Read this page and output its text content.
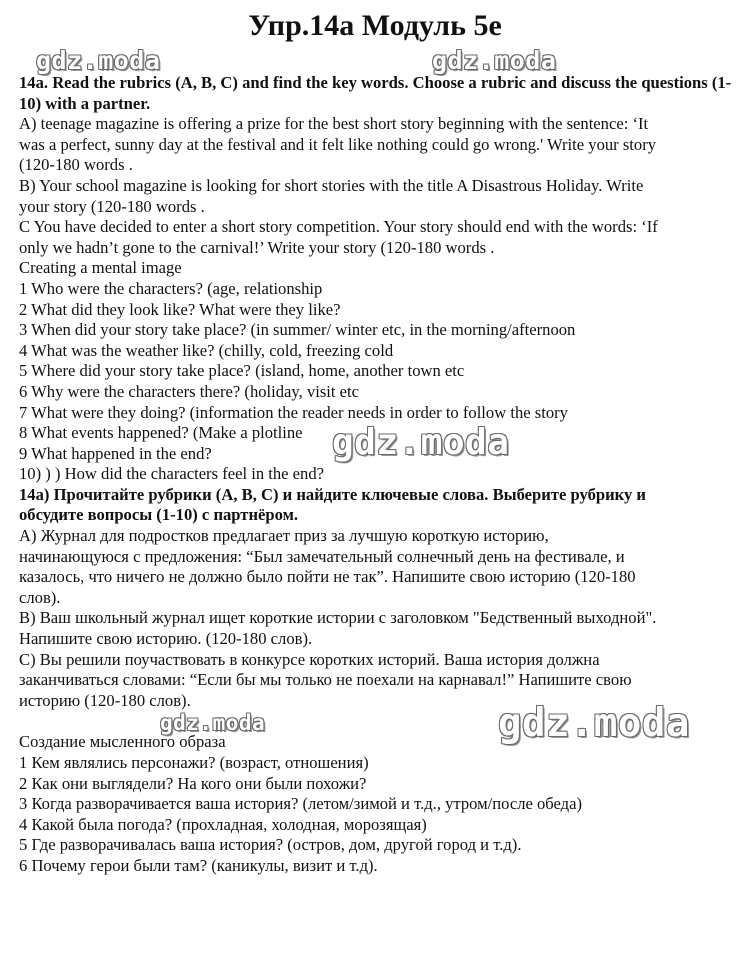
Упр.14а Модуль 5е
gdz.moda	gdz.moda
gdz.moda
gdz.moda	gdz.moda

14a. Read the rubrics (A, B, C) and find the key words. Choose a rubric and discuss the questions (1-10) with a partner.

A) teenage magazine is offering a prize for the best short story beginning with the sentence: ‘It

was a perfect, sunny day at the festival and it felt like nothing could go wrong.' Write your story

(120-180 words .

B) Your school magazine is looking for short stories with the title A Disastrous Holiday. Write

your story (120-180 words .

C You have decided to enter a short story competition. Your story should end with the words: ‘If

only we hadn’t gone to the carnival!’ Write your story (120-180 words .

Creating a mental image

1 Who were the characters? (age, relationship

2 What did they look like? What were they like?

3 When did your story take place? (in summer/ winter etc, in the morning/afternoon

4 What was the weather like? (chilly, cold, freezing cold

5 Where did your story take place? (island, home, another town etc

6 Why were the characters there? (holiday, visit etc

7 What were they doing? (information the reader needs in order to follow the story

8 What events happened? (Make a plotline

9 What happened in the end?

10) ) ) How did the characters feel in the end?

14а) Прочитайте рубрики (А, B, C) и найдите ключевые слова. Выберите рубрику и

обсудите вопросы (1-10) с партнёром.

А) Журнал для подростков предлагает приз за лучшую короткую историю,

начинающуюся с предложения: “Был замечательный солнечный день на фестивале, и

казалось, что ничего не должно было пойти не так”. Напишите свою историю (120-180

слов).

В) Ваш школьный журнал ищет короткие истории с заголовком "Бедственный выходной".

Напишите свою историю. (120-180 слов).

С) Вы решили поучаствовать в конкурсе коротких историй. Ваша история должна

заканчиваться словами: “Если бы мы только не поехали на карнавал!” Напишите свою

историю (120-180 слов).

Создание мысленного образа

1 Кем являлись персонажи? (возраст, отношения)

2 Как они выглядели? На кого они были похожи?

3 Когда разворачивается ваша история? (летом/зимой и т.д., утром/после обеда)

4 Какой была погода? (прохладная, холодная, морозящая)

5 Где разворачивалась ваша история? (остров, дом, другой город и т.д).

6 Почему герои были там? (каникулы, визит и т.д).
